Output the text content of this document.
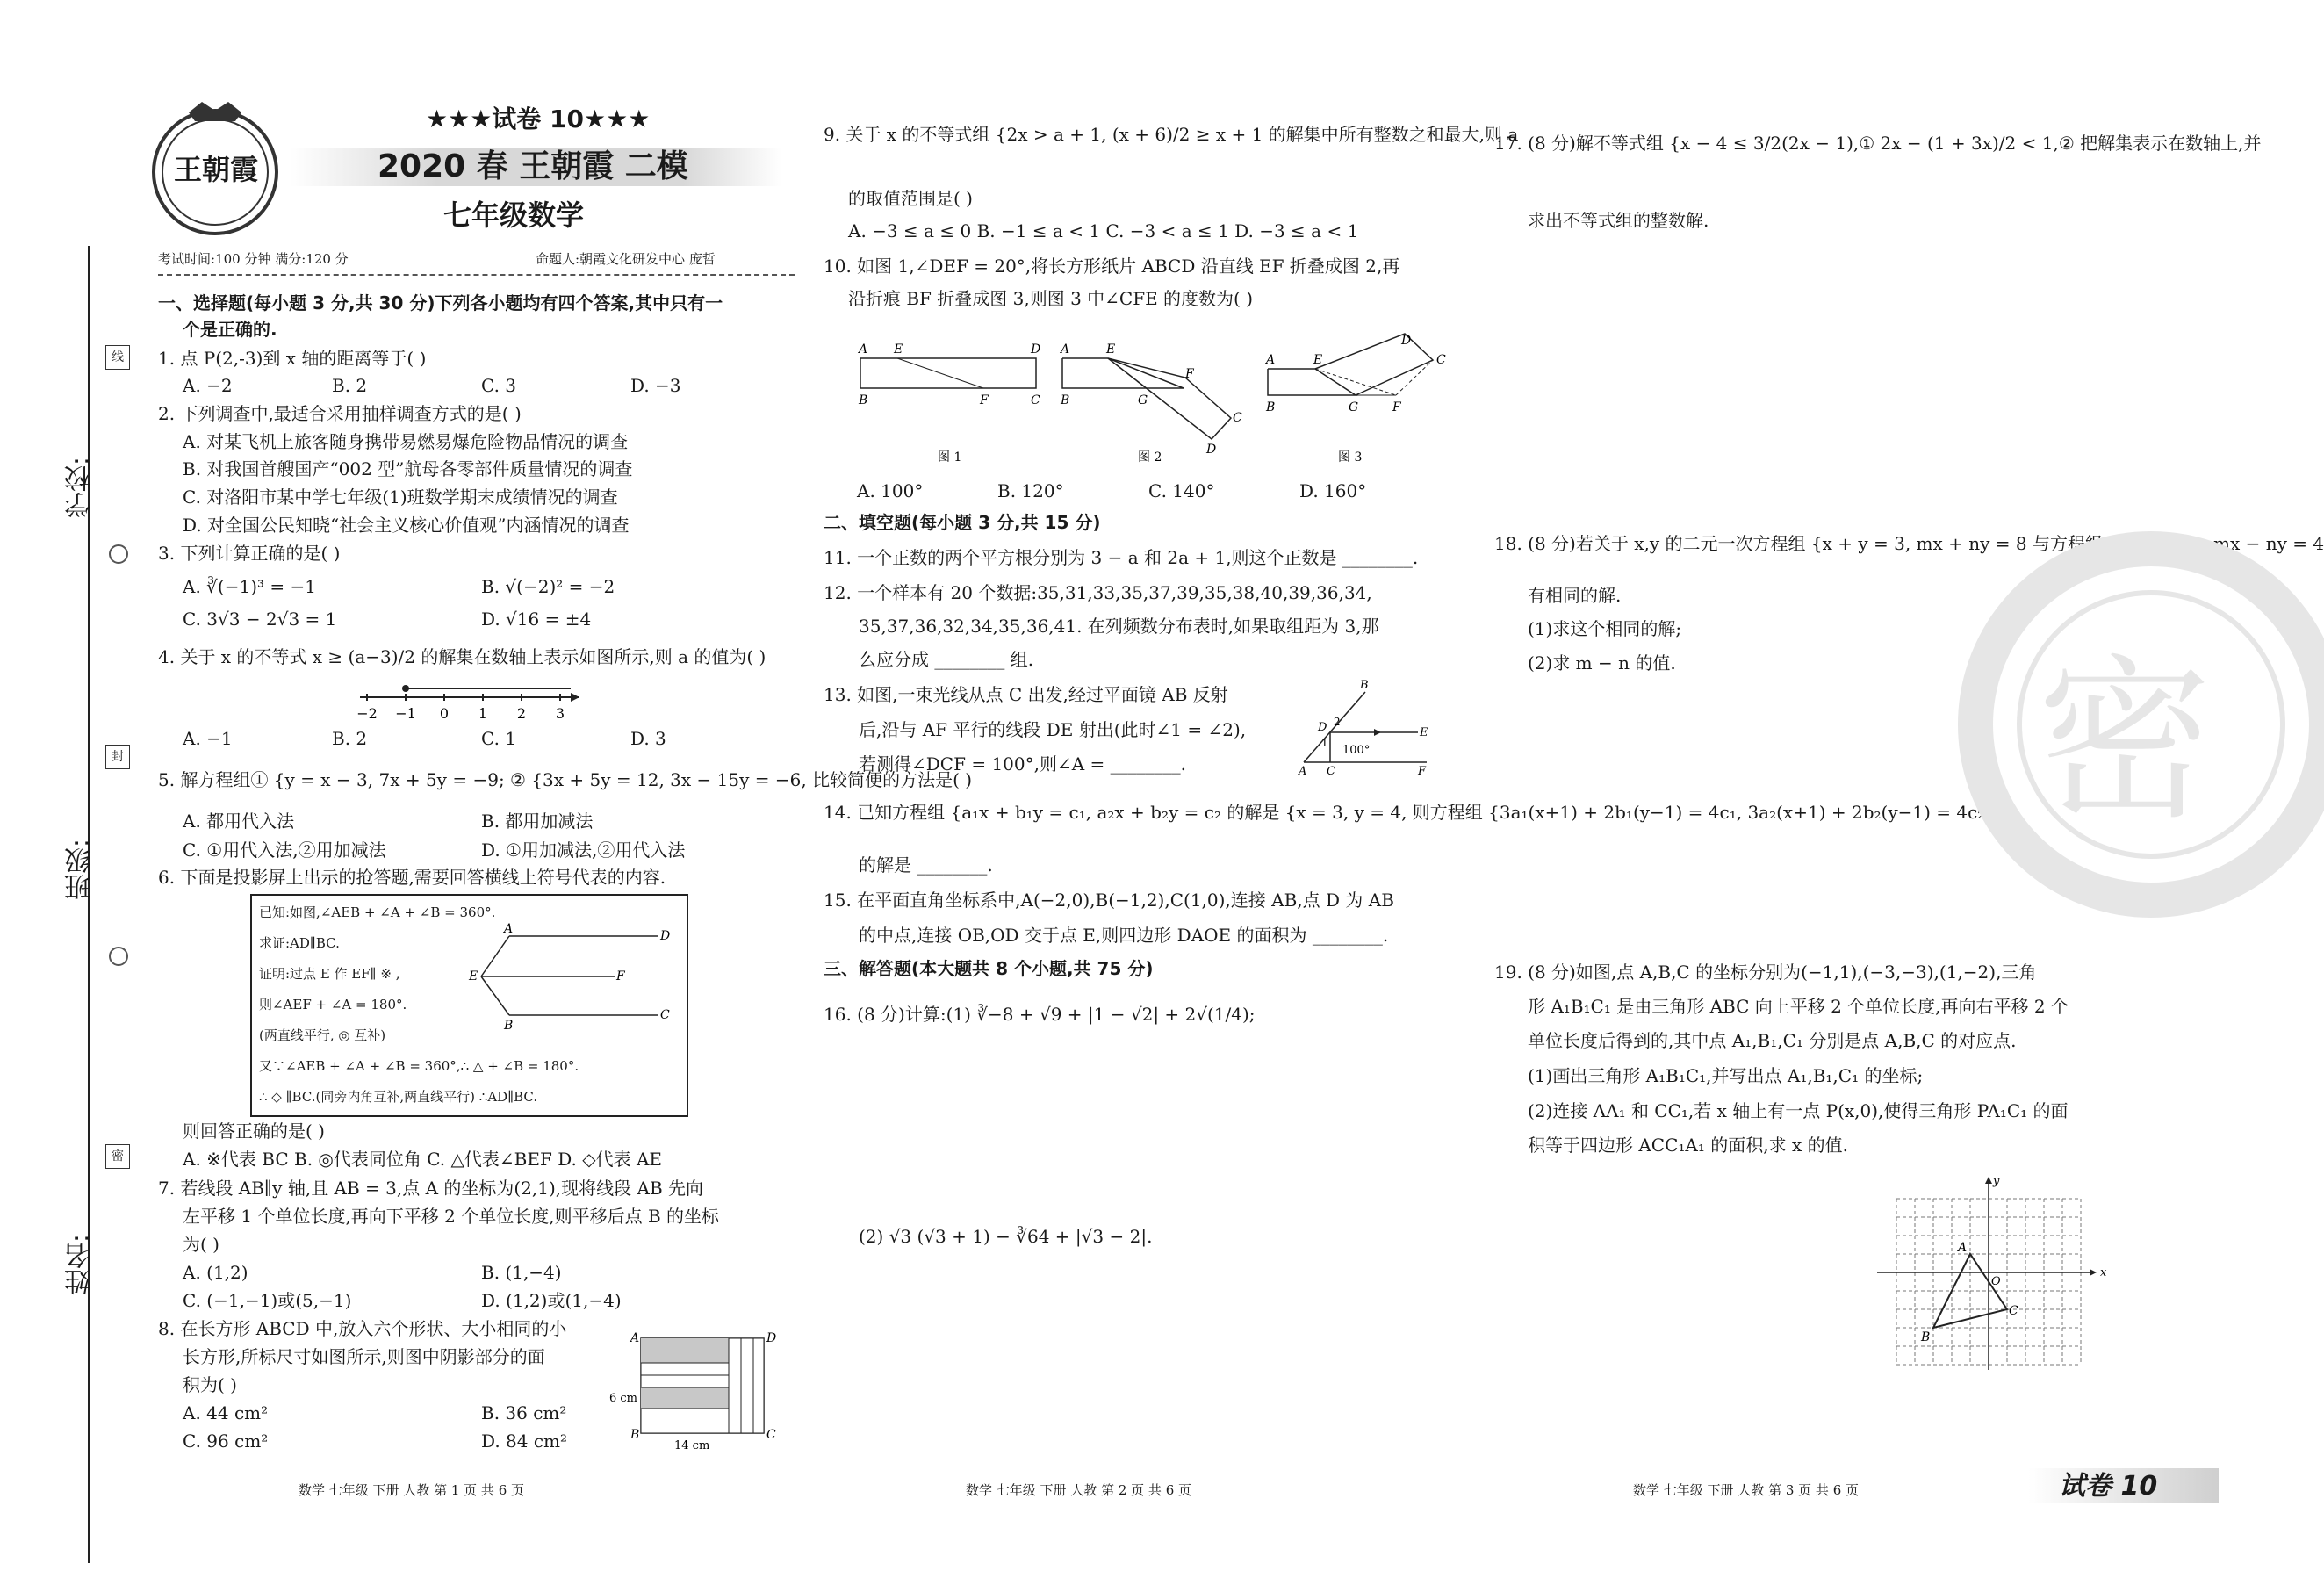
学校:
班级:
姓名:
线
封
密
王朝霞
★★★试卷 10★★★
2020 春 王朝霞 二模
七年级数学
考试时间:100 分钟 满分:120 分	命题人:朝霞文化研发中心 庞哲
一、选择题(每小题 3 分,共 30 分)下列各小题均有四个答案,其中只有一
个是正确的.
1. 点 P(2,-3)到 x 轴的距离等于( )
A. −2	B. 2	C. 3	D. −3
2. 下列调查中,最适合采用抽样调查方式的是( )
A. 对某飞机上旅客随身携带易燃易爆危险物品情况的调查
B. 对我国首艘国产“002 型”航母各零部件质量情况的调查
C. 对洛阳市某中学七年级(1)班数学期末成绩情况的调查
D. 对全国公民知晓“社会主义核心价值观”内涵情况的调查
3. 下列计算正确的是( )
A. ∛(−1)³ = −1	B. √(−2)² = −2
C. 3√3 − 2√3 = 1	D. √16 = ±4
4. 关于 x 的不等式 x ≥ (a−3)/2 的解集在数轴上表示如图所示,则 a 的值为( )
−2 −1 0 1 2 3
A. −1	B. 2	C. 1	D. 3
5. 解方程组① {y = x − 3, 7x + 5y = −9; ② {3x + 5y = 12, 3x − 15y = −6, 比较简便的方法是( )
A. 都用代入法	B. 都用加减法
C. ①用代入法,②用加减法	D. ①用加减法,②用代入法
6. 下面是投影屏上出示的抢答题,需要回答横线上符号代表的内容.
已知:如图,∠AEB + ∠A + ∠B = 360°.
求证:AD∥BC.
证明:过点 E 作 EF∥ ※ ,
则∠AEF + ∠A = 180°.
(两直线平行, ◎ 互补)
又∵∠AEB + ∠A + ∠B = 360°,∴ △ + ∠B = 180°.
∴ ◇ ∥BC.(同旁内角互补,两直线平行) ∴AD∥BC.
A	D
E	F
B
C
则回答正确的是( )
A. ※代表 BC B. ◎代表同位角 C. △代表∠BEF D. ◇代表 AE
7. 若线段 AB∥y 轴,且 AB = 3,点 A 的坐标为(2,1),现将线段 AB 先向
左平移 1 个单位长度,再向下平移 2 个单位长度,则平移后点 B 的坐标
为( )
A. (1,2)	B. (1,−4)
C. (−1,−1)或(5,−1)	D. (1,2)或(1,−4)
8. 在长方形 ABCD 中,放入六个形状、大小相同的小
长方形,所标尺寸如图所示,则图中阴影部分的面
积为( )
A. 44 cm²	B. 36 cm²
C. 96 cm²	D. 84 cm²
A	D
B	C
6 cm
14 cm
数学 七年级 下册 人教 第 1 页 共 6 页
9. 关于 x 的不等式组 {2x > a + 1, (x + 6)/2 ≥ x + 1 的解集中所有整数之和最大,则 a
的取值范围是( )
A. −3 ≤ a ≤ 0 B. −1 ≤ a < 1 C. −3 < a ≤ 1 D. −3 ≤ a < 1
10. 如图 1,∠DEF = 20°,将长方形纸片 ABCD 沿直线 EF 折叠成图 2,再
沿折痕 BF 折叠成图 3,则图 3 中∠CFE 的度数为( )
A E	D
B	F	C
图 1
A	E
B	G
F
C
D
图 2
A	E
D
C
B	G	F
图 3
A. 100°	B. 120°	C. 140°	D. 160°
二、填空题(每小题 3 分,共 15 分)
11. 一个正数的两个平方根分别为 3 − a 和 2a + 1,则这个正数是 ________.
12. 一个样本有 20 个数据:35,31,33,35,37,39,35,38,40,39,36,34,
35,37,36,32,34,35,36,41. 在列频数分布表时,如果取组距为 3,那
么应分成 ________ 组.
13. 如图,一束光线从点 C 出发,经过平面镜 AB 反射
后,沿与 AF 平行的线段 DE 射出(此时∠1 = ∠2),
若测得∠DCF = 100°,则∠A = ________.
B
D	E
A C	F
2
1
100°
14. 已知方程组 {a₁x + b₁y = c₁, a₂x + b₂y = c₂ 的解是 {x = 3, y = 4, 则方程组 {3a₁(x+1) + 2b₁(y−1) = 4c₁, 3a₂(x+1) + 2b₂(y−1) = 4c₂
的解是 ________.
15. 在平面直角坐标系中,A(−2,0),B(−1,2),C(1,0),连接 AB,点 D 为 AB
的中点,连接 OB,OD 交于点 E,则四边形 DAOE 的面积为 ________.
三、解答题(本大题共 8 个小题,共 75 分)
16. (8 分)计算:(1) ∛−8 + √9 + |1 − √2| + 2√(1/4);
(2) √3 (√3 + 1) − ∛64 + |√3 − 2|.
数学 七年级 下册 人教 第 2 页 共 6 页
17. (8 分)解不等式组 {x − 4 ≤ 3/2(2x − 1),① 2x − (1 + 3x)/2 < 1,② 把解集表示在数轴上,并
求出不等式组的整数解.
18. (8 分)若关于 x,y 的二元一次方程组 {x + y = 3, mx + ny = 8 与方程组 {x − y = 1, mx − ny = 4
有相同的解.
(1)求这个相同的解;
(2)求 m − n 的值. 密
19. (8 分)如图,点 A,B,C 的坐标分别为(−1,1),(−3,−3),(1,−2),三角
形 A₁B₁C₁ 是由三角形 ABC 向上平移 2 个单位长度,再向右平移 2 个
单位长度后得到的,其中点 A₁,B₁,C₁ 分别是点 A,B,C 的对应点.
(1)画出三角形 A₁B₁C₁,并写出点 A₁,B₁,C₁ 的坐标;
(2)连接 AA₁ 和 CC₁,若 x 轴上有一点 P(x,0),使得三角形 PA₁C₁ 的面
积等于四边形 ACC₁A₁ 的面积,求 x 的值.
x
y
O
A
B
C
数学 七年级 下册 人教 第 3 页 共 6 页	试卷 10
